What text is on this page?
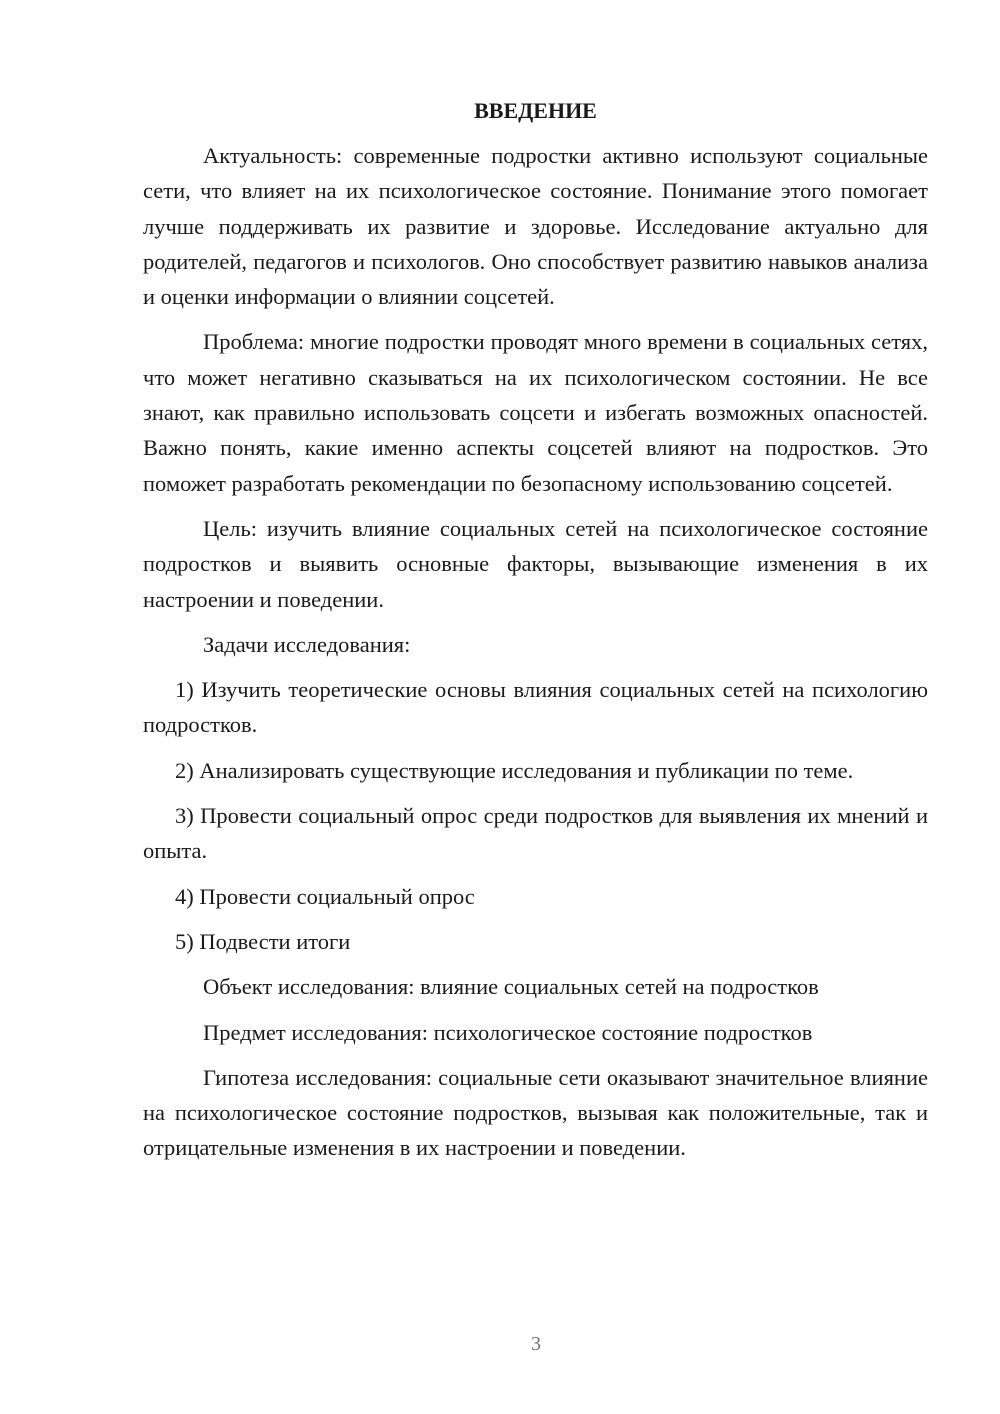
ВВЕДЕНИЕ

Актуальность: современные подростки активно используют социальные сети, что влияет на их психологическое состояние. Понимание этого помогает лучше поддерживать их развитие и здоровье. Исследование актуально для родителей, педагогов и психологов. Оно способствует развитию навыков анализа и оценки информации о влиянии соцсетей.

Проблема: многие подростки проводят много времени в социальных сетях, что может негативно сказываться на их психологическом состоянии. Не все знают, как правильно использовать соцсети и избегать возможных опасностей. Важно понять, какие именно аспекты соцсетей влияют на подростков. Это поможет разработать рекомендации по безопасному использованию соцсетей.

Цель: изучить влияние социальных сетей на психологическое состояние подростков и выявить основные факторы, вызывающие изменения в их настроении и поведении.

Задачи исследования:

1) Изучить теоретические основы влияния социальных сетей на психологию подростков.

2) Анализировать существующие исследования и публикации по теме.

3) Провести социальный опрос среди подростков для выявления их мнений и опыта.

4) Провести социальный опрос

5) Подвести итоги

Объект исследования: влияние социальных сетей на подростков

Предмет исследования: психологическое состояние подростков

Гипотеза исследования: социальные сети оказывают значительное влияние на психологическое состояние подростков, вызывая как положительные, так и отрицательные изменения в их настроении и поведении.

3
